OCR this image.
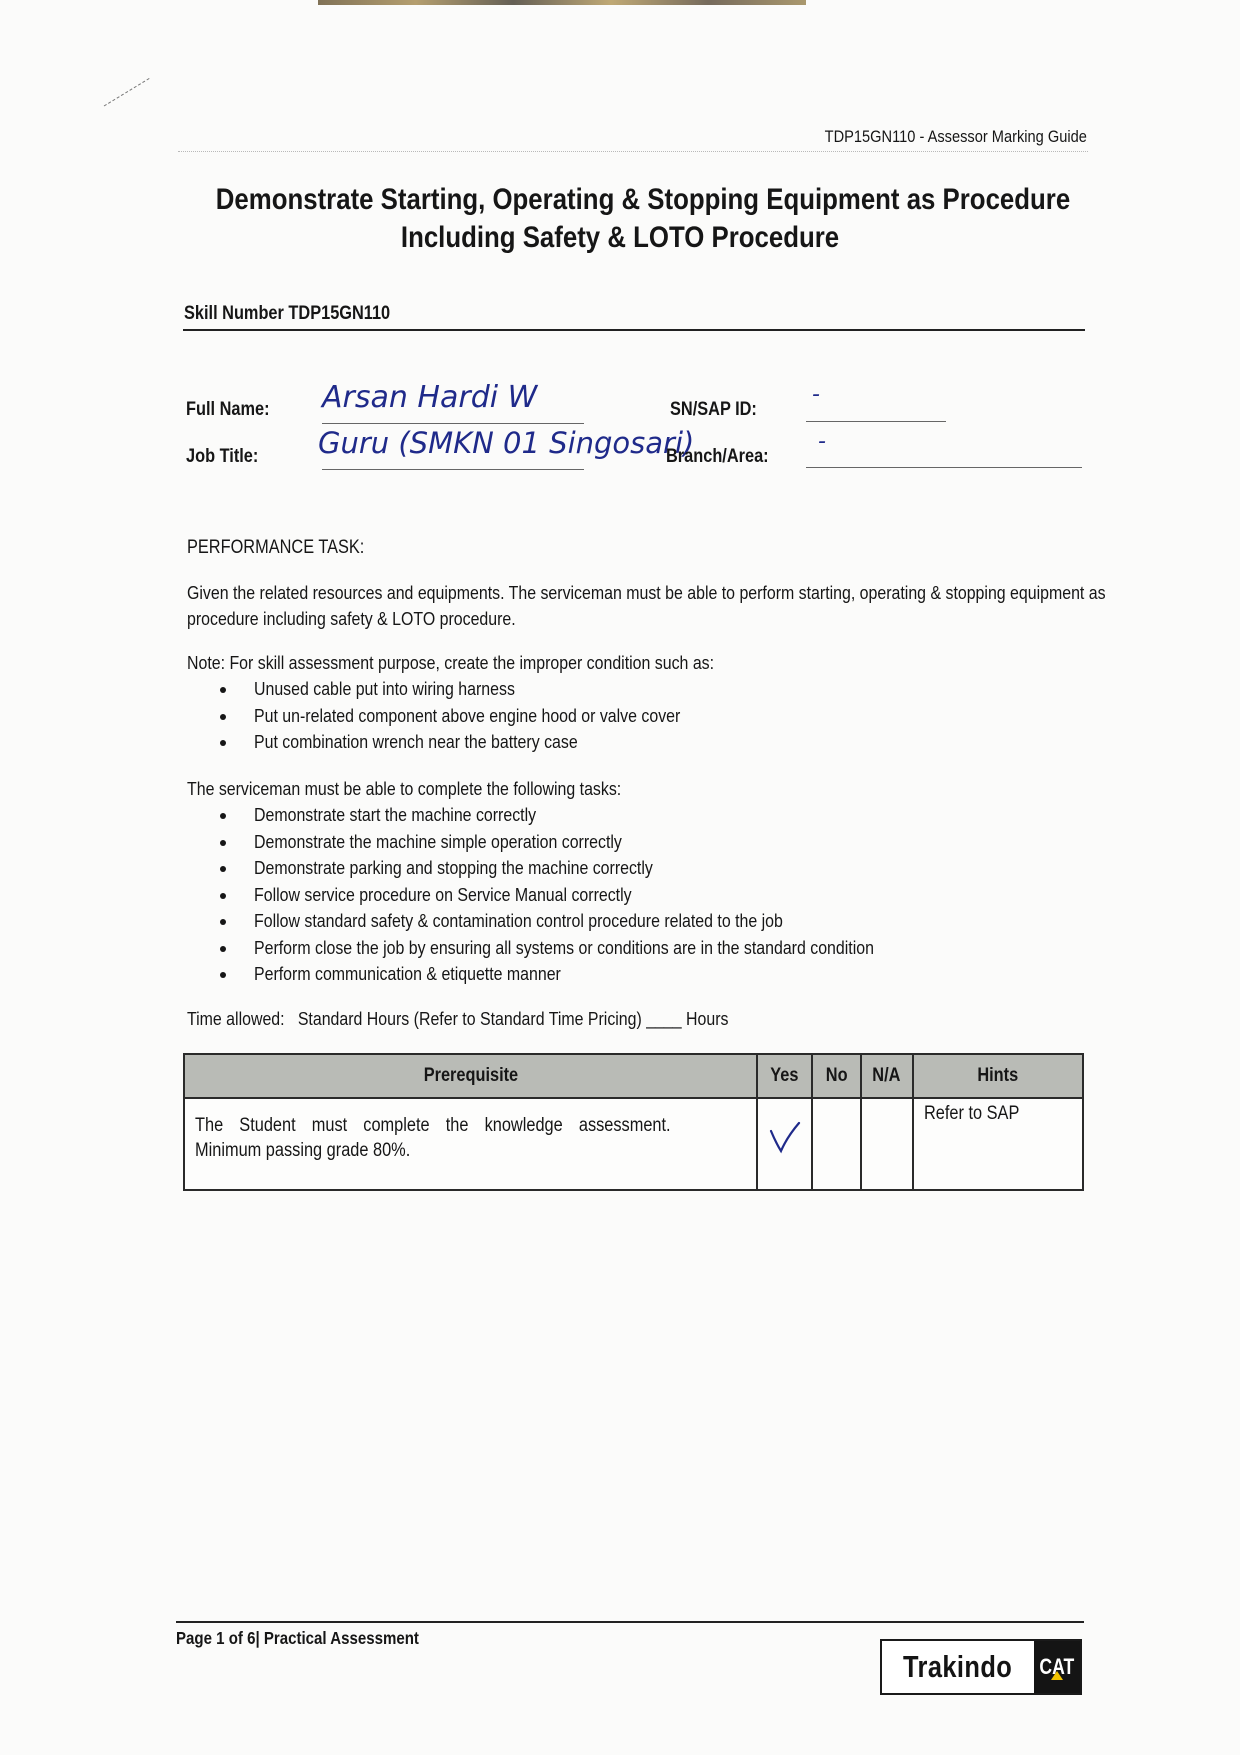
TDP15GN110 - Assessor Marking Guide
Demonstrate Starting, Operating & Stopping Equipment as Procedure
Including Safety & LOTO Procedure
Skill Number TDP15GN110
Full Name: Arsan Hardi W	SN/SAP ID:
-
Job Title: Guru (SMKN 01 Singosari)
Branch/Area:
-
PERFORMANCE TASK:
Given the related resources and equipments. The serviceman must be able to perform starting, operating & stopping equipment as procedure including safety & LOTO procedure.
Note: For skill assessment purpose, create the improper condition such as:
Unused cable put into wiring harness
Put un-related component above engine hood or valve cover
Put combination wrench near the battery case
The serviceman must be able to complete the following tasks:
Demonstrate start the machine correctly
Demonstrate the machine simple operation correctly
Demonstrate parking and stopping the machine correctly
Follow service procedure on Service Manual correctly
Follow standard safety & contamination control procedure related to the job
Perform close the job by ensuring all systems or conditions are in the standard condition
Perform communication & etiquette manner
Time allowed:   Standard Hours (Refer to Standard Time Pricing) ____ Hours
Prerequisite	Yes	No	N/A	Hints

The Student must complete the knowledge assessment. Minimum passing grade 80%.				Refer to SAP
Page 1 of 6| Practical Assessment
Trakindo CAT
